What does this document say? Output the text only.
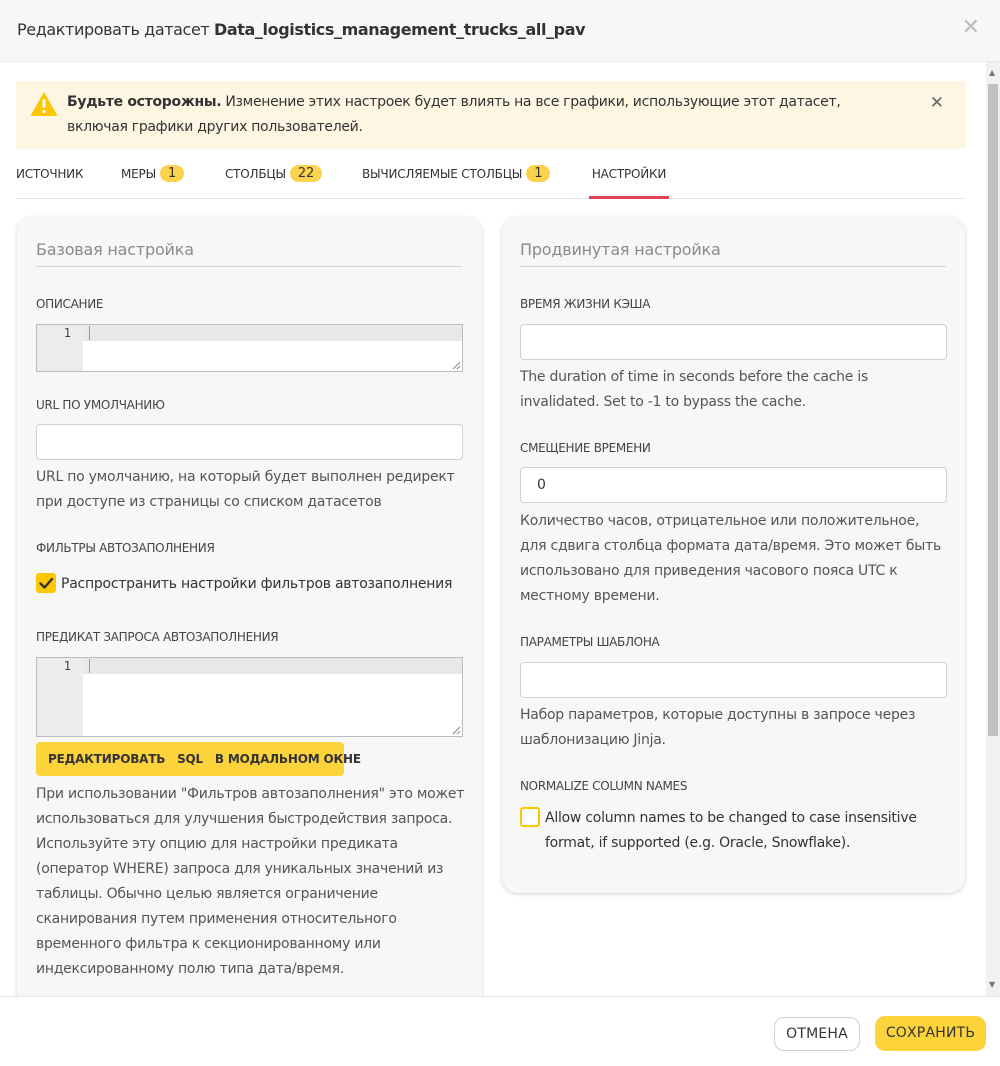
Редактировать датасет Data_logistics_management_trucks_all_pav	✕
Будьте осторожны. Изменение этих настроек будет влиять на все графики, использующие этот датасет, включая графики других пользователей.
✕
ИСТОЧНИК	МЕРЫ 1	СТОЛБЦЫ 22	ВЫЧИСЛЯЕМЫЕ СТОЛБЦЫ 1	НАСТРОЙКИ
Базовая настройка
ОПИСАНИЕ
1
URL ПО УМОЛЧАНИЮ
URL по умолчанию, на который будет выполнен редирект при доступе из страницы со списком датасетов
ФИЛЬТРЫ АВТОЗАПОЛНЕНИЯ
Распространить настройки фильтров автозаполнения
ПРЕДИКАТ ЗАПРОСА АВТОЗАПОЛНЕНИЯ
1
РЕДАКТИРОВАТЬ   SQL   В МОДАЛЬНОМ ОКНЕ
При использовании "Фильтров автозаполнения" это может использоваться для улучшения быстродействия запроса. Используйте эту опцию для настройки предиката (оператор WHERE) запроса для уникальных значений из таблицы. Обычно целью является ограничение сканирования путем применения относительного временного фильтра к секционированному или индексированному полю типа дата/время.
Продвинутая настройка
ВРЕМЯ ЖИЗНИ КЭША
The duration of time in seconds before the cache is invalidated. Set to -1 to bypass the cache.
СМЕЩЕНИЕ ВРЕМЕНИ
0
Количество часов, отрицательное или положительное, для сдвига столбца формата дата/время. Это может быть использовано для приведения часового пояса UTC к местному времени.
ПАРАМЕТРЫ ШАБЛОНА
Набор параметров, которые доступны в запросе через шаблонизацию Jinja.
NORMALIZE COLUMN NAMES
Allow column names to be changed to case insensitive format, if supported (e.g. Oracle, Snowflake).
▲
▼
ОТМЕНА	СОХРАНИТЬ
